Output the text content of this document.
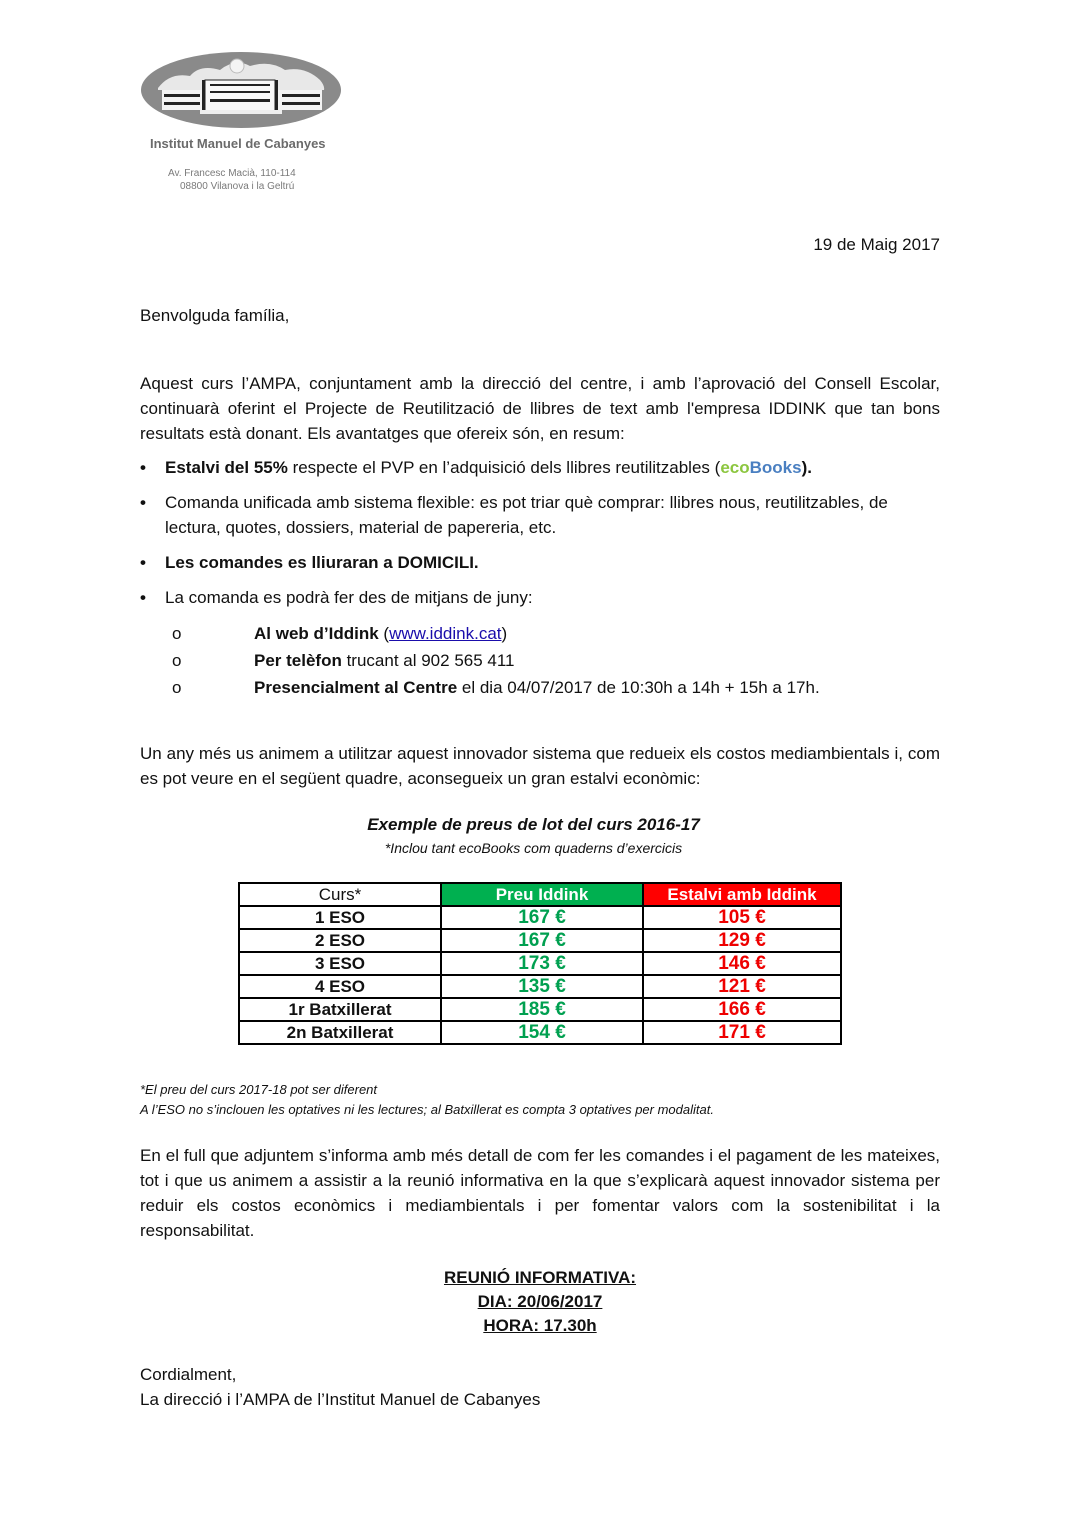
Institut Manuel de Cabanyes
Av. Francesc Macià, 110-114
08800 Vilanova i la Geltrú
19 de Maig 2017
Benvolguda família,
Aquest curs l’AMPA, conjuntament amb la direcció del centre, i amb l’aprovació del Consell Escolar, continuarà oferint el Projecte de Reutilització de llibres de text amb l'empresa IDDINK que tan bons resultats està donant. Els avantatges que ofereix són, en resum:
• Estalvi del 55% respecte el PVP en l’adquisició dels llibres reutilitzables (ecoBooks).
• Comanda unificada amb sistema flexible: es pot triar què comprar: llibres nous, reutilitzables, de lectura, quotes, dossiers, material de papereria, etc.
• Les comandes es lliuraran a DOMICILI.
• La comanda es podrà fer des de mitjans de juny:
o	Al web d’Iddink (www.iddink.cat)
o	Per telèfon trucant al 902 565 411
o	Presencialment al Centre el dia 04/07/2017 de 10:30h a 14h + 15h a 17h.
Un any més us animem a utilitzar aquest innovador sistema que redueix els costos mediambientals i, com es pot veure en el següent quadre, aconsegueix un gran estalvi econòmic:
Exemple de preus de lot del curs 2016-17
*Inclou tant ecoBooks com quaderns d’exercicis
Curs*	Preu Iddink	Estalvi amb Iddink
1 ESO	167 €	105 €
2 ESO	167 €	129 €
3 ESO	173 €	146 €
4 ESO	135 €	121 €
1r Batxillerat	185 €	166 €
2n Batxillerat	154 €	171 €
*El preu del curs 2017-18 pot ser diferent
A l’ESO no s’inclouen les optatives ni les lectures; al Batxillerat es compta 3 optatives per modalitat.
En el full que adjuntem s’informa amb més detall de com fer les comandes i el pagament de les mateixes, tot i que us animem a assistir a la reunió informativa en la que s’explicarà aquest innovador sistema per reduir els costos econòmics i mediambientals i per fomentar valors com la sostenibilitat i la responsabilitat.
REUNIÓ INFORMATIVA:
DIA: 20/06/2017
HORA: 17.30h
Cordialment,
La direcció i l’AMPA de l’Institut Manuel de Cabanyes
